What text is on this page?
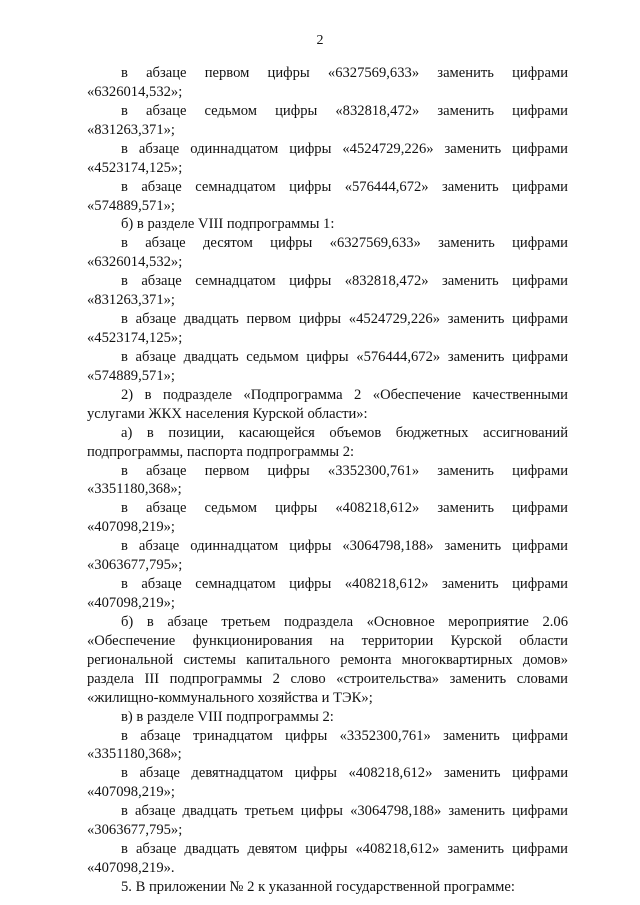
2
в абзаце первом цифры «6327569,633» заменить цифрами
«6326014,532»;
в абзаце седьмом цифры «832818,472» заменить цифрами
«831263,371»;
в абзаце одиннадцатом цифры «4524729,226» заменить цифрами
«4523174,125»;
в абзаце семнадцатом цифры «576444,672» заменить цифрами
«574889,571»;
б) в разделе VIII подпрограммы 1:
в абзаце десятом цифры «6327569,633» заменить цифрами
«6326014,532»;
в абзаце семнадцатом цифры «832818,472» заменить цифрами
«831263,371»;
в абзаце двадцать первом цифры «4524729,226» заменить цифрами
«4523174,125»;
в абзаце двадцать седьмом цифры «576444,672» заменить цифрами
«574889,571»;
2) в подразделе «Подпрограмма 2 «Обеспечение качественными
услугами ЖКХ населения Курской области»:
а) в позиции, касающейся объемов бюджетных ассигнований
подпрограммы, паспорта подпрограммы 2:
в абзаце первом цифры «3352300,761» заменить цифрами
«3351180,368»;
в абзаце седьмом цифры «408218,612» заменить цифрами
«407098,219»;
в абзаце одиннадцатом цифры «3064798,188» заменить цифрами
«3063677,795»;
в абзаце семнадцатом цифры «408218,612» заменить цифрами
«407098,219»;
б) в абзаце третьем подраздела «Основное мероприятие 2.06
«Обеспечение функционирования на территории Курской области
региональной системы капитального ремонта многоквартирных домов»
раздела III подпрограммы 2 слово «строительства» заменить словами
«жилищно-коммунального хозяйства и ТЭК»;
в) в разделе VIII подпрограммы 2:
в абзаце тринадцатом цифры «3352300,761» заменить цифрами
«3351180,368»;
в абзаце девятнадцатом цифры «408218,612» заменить цифрами
«407098,219»;
в абзаце двадцать третьем цифры «3064798,188» заменить цифрами
«3063677,795»;
в абзаце двадцать девятом цифры «408218,612» заменить цифрами
«407098,219».
5. В приложении № 2 к указанной государственной программе:
